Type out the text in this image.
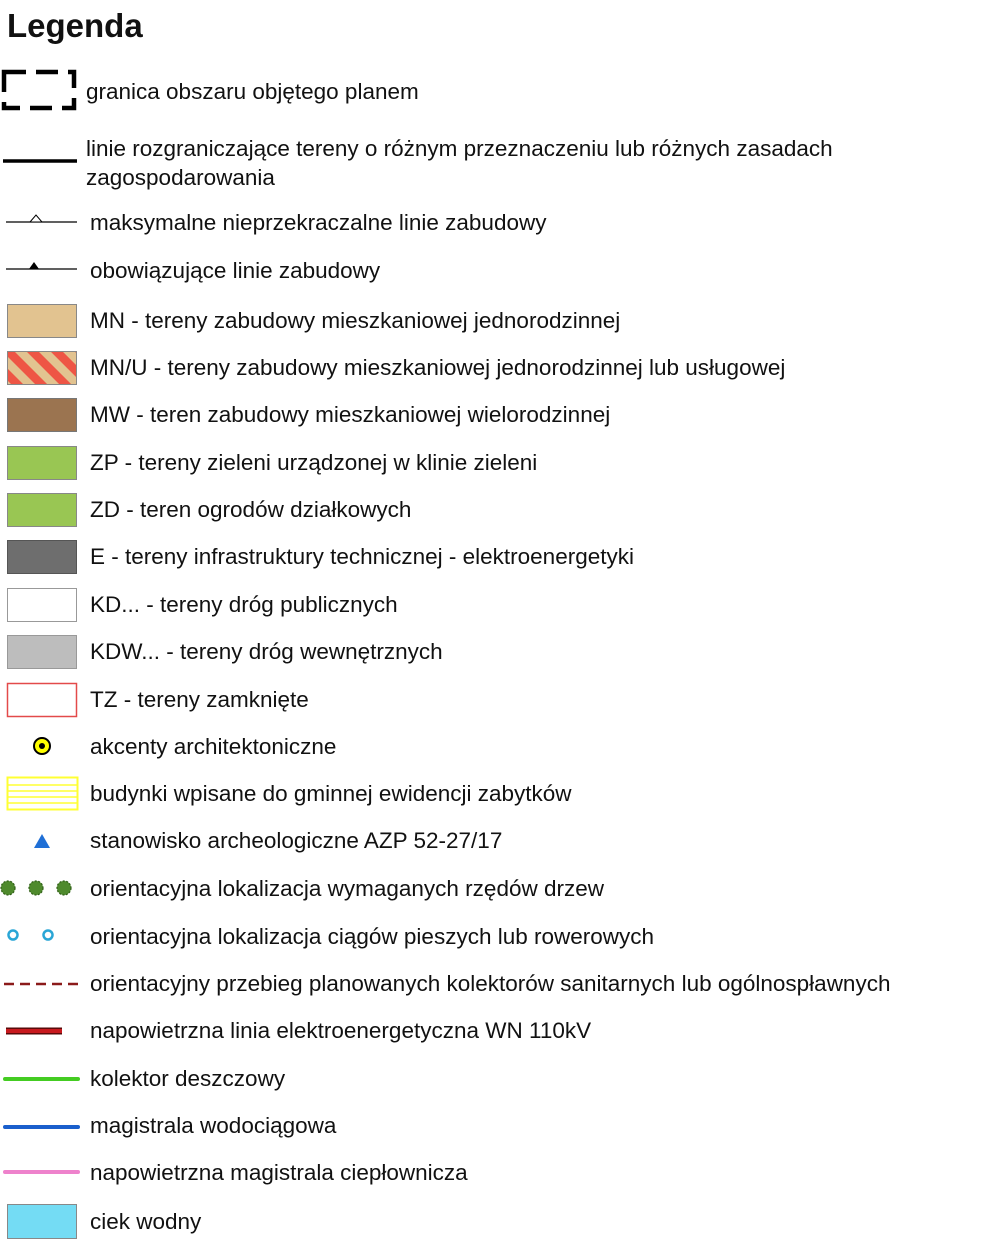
Legenda
granica obszaru objętego planem
linie rozgraniczające tereny o różnym przeznaczeniu lub różnych zasadach zagospodarowania
maksymalne nieprzekraczalne linie zabudowy
obowiązujące linie zabudowy
MN - tereny zabudowy mieszkaniowej jednorodzinnej
MN/U - tereny zabudowy mieszkaniowej jednorodzinnej lub usługowej
MW - teren zabudowy mieszkaniowej wielorodzinnej
ZP - tereny zieleni urządzonej w klinie zieleni
ZD - teren ogrodów działkowych
E - tereny infrastruktury technicznej - elektroenergetyki
KD... - tereny dróg publicznych
KDW... - tereny dróg wewnętrznych
TZ - tereny zamknięte
akcenty architektoniczne
budynki wpisane do gminnej ewidencji zabytków
stanowisko archeologiczne AZP 52-27/17
orientacyjna lokalizacja wymaganych rzędów drzew
orientacyjna lokalizacja ciągów pieszych lub rowerowych
orientacyjny przebieg planowanych kolektorów sanitarnych lub ogólnospławnych
napowietrzna linia elektroenergetyczna WN 110kV
kolektor deszczowy
magistrala wodociągowa
napowietrzna magistrala ciepłownicza
ciek wodny
